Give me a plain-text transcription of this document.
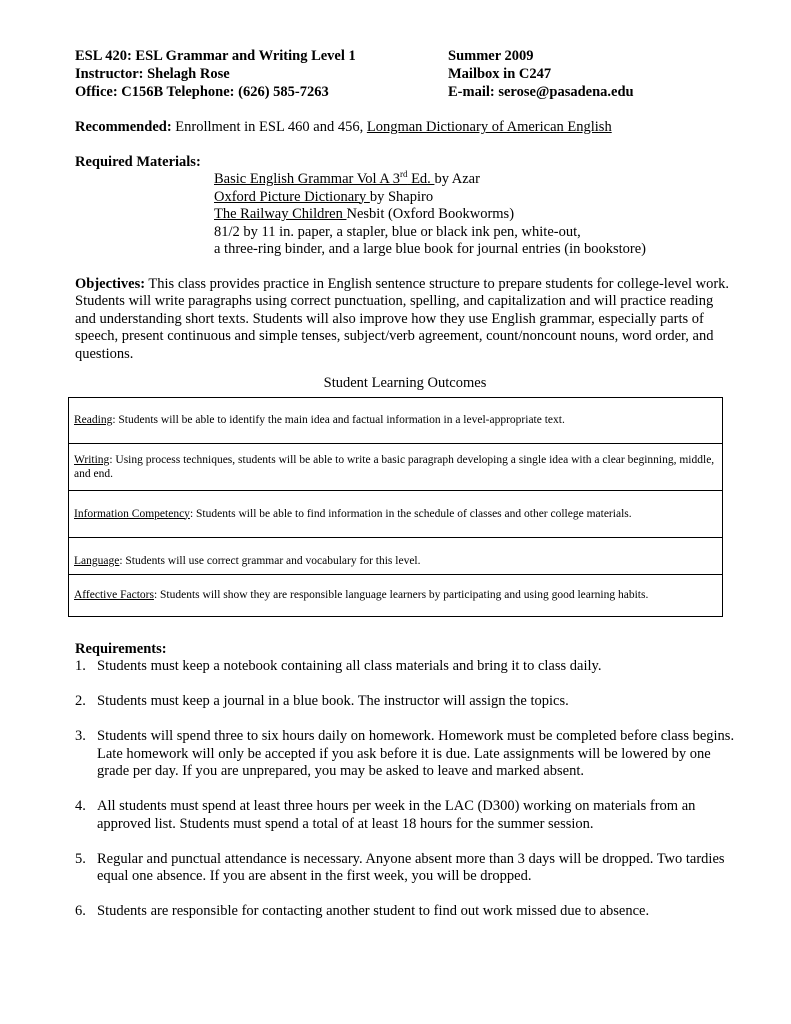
ESL 420: ESL Grammar and Writing Level 1	Summer 2009
Instructor: Shelagh Rose	Mailbox in C247
Office: C156B Telephone: (626) 585-7263	E-mail: serose@pasadena.edu
Recommended: Enrollment in ESL 460 and 456, Longman Dictionary of American English
Required Materials:
Basic English Grammar Vol A 3rd Ed. by Azar
Oxford Picture Dictionary by Shapiro
The Railway Children Nesbit (Oxford Bookworms)
81/2 by 11 in. paper, a stapler, blue or black ink pen, white-out,
a three-ring binder, and a large blue book for journal entries (in bookstore)
Objectives: This class provides practice in English sentence structure to prepare students for college-level work. Students will write paragraphs using correct punctuation, spelling, and capitalization and will practice reading and understanding short texts. Students will also improve how they use English grammar, especially parts of speech, present continuous and simple tenses, subject/verb agreement, count/noncount nouns, word order, and questions.
Student Learning Outcomes
Reading: Students will be able to identify the main idea and factual information in a level-appropriate text.
Writing: Using process techniques, students will be able to write a basic paragraph developing a single idea with a clear beginning, middle, and end.
Information Competency: Students will be able to find information in the schedule of classes and other college materials.
Language: Students will use correct grammar and vocabulary for this level.
Affective Factors: Students will show they are responsible language learners by participating and using good learning habits.
Requirements:
1. Students must keep a notebook containing all class materials and bring it to class daily.
2. Students must keep a journal in a blue book. The instructor will assign the topics.
3. Students will spend three to six hours daily on homework. Homework must be completed before class begins. Late homework will only be accepted if you ask before it is due. Late assignments will be lowered by one grade per day. If you are unprepared, you may be asked to leave and marked absent.
4. All students must spend at least three hours per week in the LAC (D300) working on materials from an approved list. Students must spend a total of at least 18 hours for the summer session.
5. Regular and punctual attendance is necessary. Anyone absent more than 3 days will be dropped. Two tardies equal one absence. If you are absent in the first week, you will be dropped.
6. Students are responsible for contacting another student to find out work missed due to absence.
